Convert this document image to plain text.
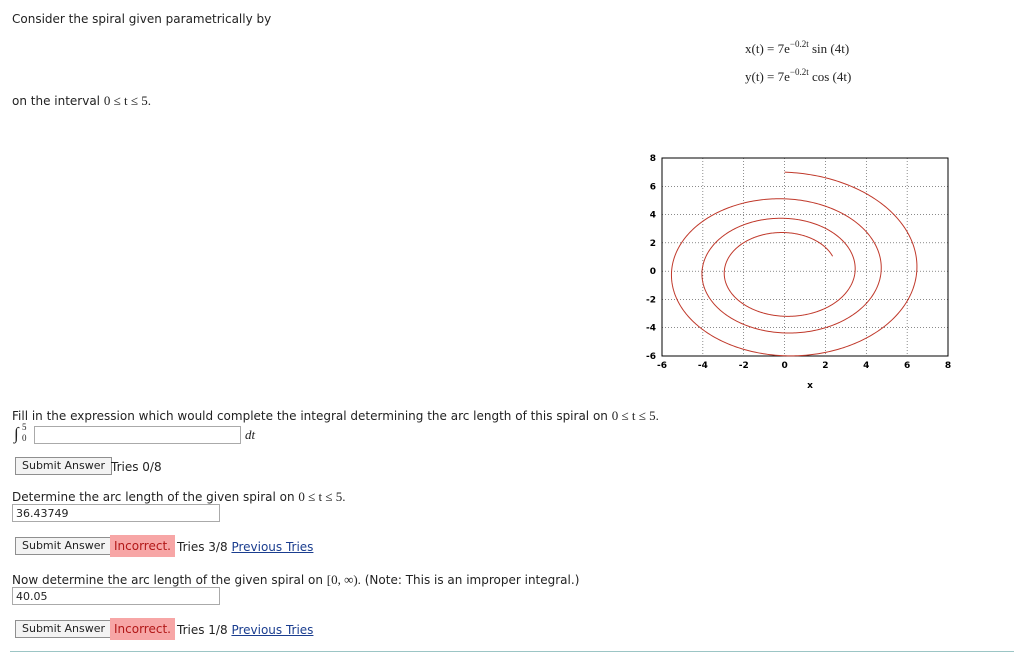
Consider the spiral given parametrically by
$x(t) = 7e^{-0.2t}$ sin (4t)
$y(t) = 7e^{-0.2t}$ cos (4t)
on the interval 0 ≤ t ≤ 5.
-6	-4	-2	0	2	4	6	8
8
6
4
2
0
-2
-4
-6
x
Fill in the expression which would complete the integral determining the arc length of this spiral on 0 ≤ t ≤ 5.
∫ 5
0	dt
Submit Answer Tries 0/8
Determine the arc length of the given spiral on 0 ≤ t ≤ 5.
36.43749
Submit Answer Incorrect. Tries 3/8 Previous Tries
Now determine the arc length of the given spiral on [0, ∞). (Note: This is an improper integral.)
40.05
Submit Answer Incorrect. Tries 1/8 Previous Tries
